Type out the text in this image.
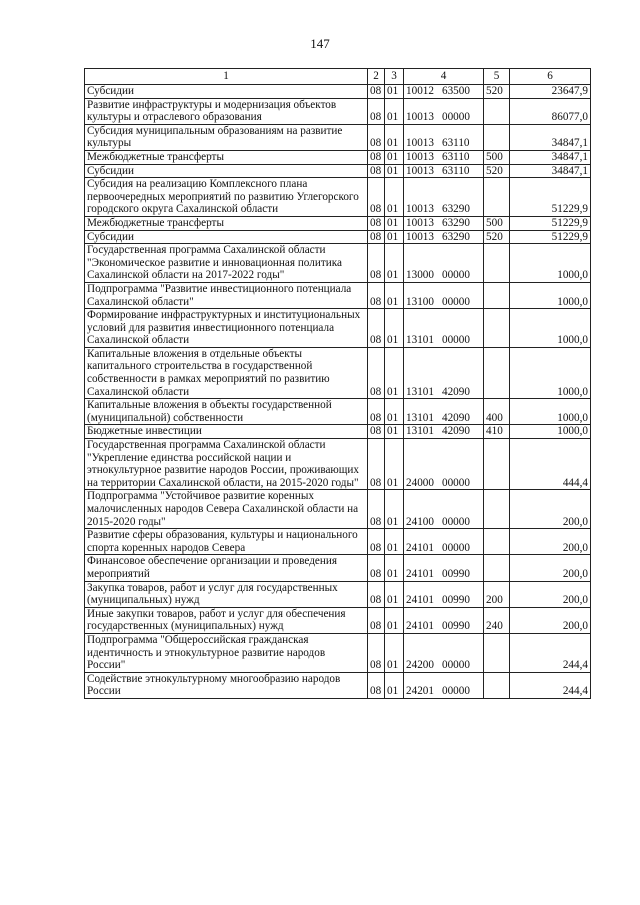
147
1	2	3	4	5	6
Субсидии	08	01	10012 63500	520	23647,9
Развитие инфраструктуры и модернизация объектов культуры и отраслевого образования	08	01	10013 00000		86077,0
Субсидия муниципальным образованиям на развитие культуры	08	01	10013 63110		34847,1
Межбюджетные трансферты	08	01	10013 63110	500	34847,1
Субсидии	08	01	10013 63110	520	34847,1
Субсидия на реализацию Комплексного плана первоочередных мероприятий по развитию Углегорского городского округа Сахалинской области	08	01	10013 63290		51229,9
Межбюджетные трансферты	08	01	10013 63290	500	51229,9
Субсидии	08	01	10013 63290	520	51229,9
Государственная программа Сахалинской области "Экономическое развитие и инновационная политика Сахалинской области на 2017-2022 годы"	08	01	13000 00000		1000,0
Подпрограмма "Развитие инвестиционного потенциала Сахалинской области"	08	01	13100 00000		1000,0
Формирование инфраструктурных и институциональных условий для развития инвестиционного потенциала Сахалинской области	08	01	13101 00000		1000,0
Капитальные вложения в отдельные объекты капитального строительства в государственной собственности в рамках мероприятий по развитию Сахалинской области	08	01	13101 42090		1000,0
Капитальные вложения в объекты государственной (муниципальной) собственности	08	01	13101 42090	400	1000,0
Бюджетные инвестиции	08	01	13101 42090	410	1000,0
Государственная программа Сахалинской области "Укрепление единства российской нации и этнокультурное развитие народов России, проживающих на территории Сахалинской области, на 2015-2020 годы"	08	01	24000 00000		444,4
Подпрограмма "Устойчивое развитие коренных малочисленных народов Севера Сахалинской области на 2015-2020 годы"	08	01	24100 00000		200,0
Развитие сферы образования, культуры и национального спорта коренных народов Севера	08	01	24101 00000		200,0
Финансовое обеспечение организации и проведения мероприятий	08	01	24101 00990		200,0
Закупка товаров, работ и услуг для государственных (муниципальных) нужд	08	01	24101 00990	200	200,0
Иные закупки товаров, работ и услуг для обеспечения государственных (муниципальных) нужд	08	01	24101 00990	240	200,0
Подпрограмма "Общероссийская гражданская идентичность и этнокультурное развитие народов России"	08	01	24200 00000		244,4
Содействие этнокультурному многообразию народов России	08	01	24201 00000		244,4
